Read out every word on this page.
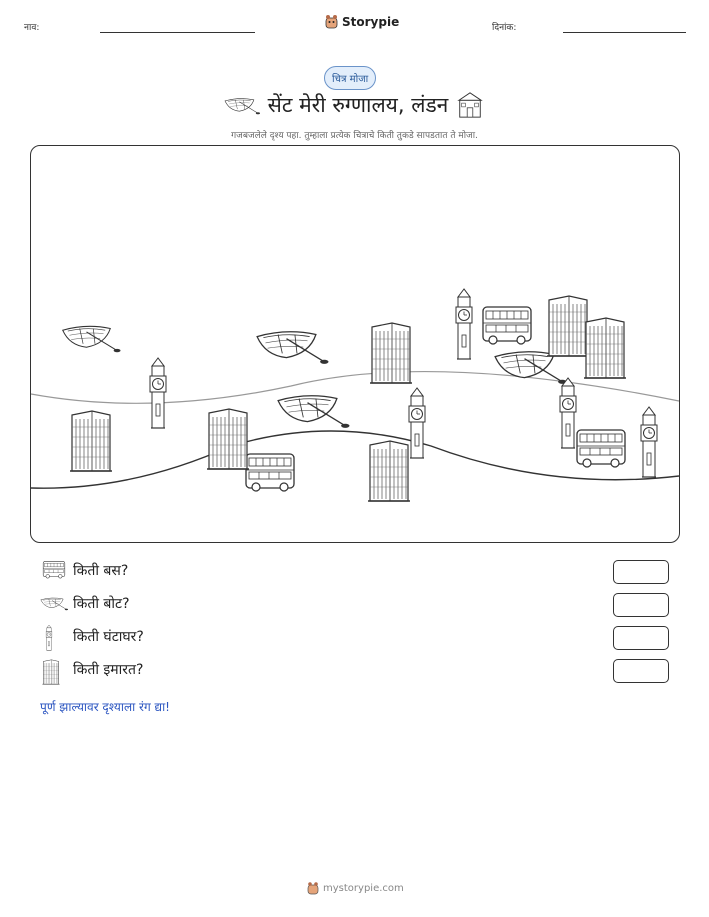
नाव:	Storypie	दिनांक:
चित्र मोजा
सेंट मेरी रुग्णालय, लंडन
गजबजलेले दृश्य पहा. तुम्हाला प्रत्येक चित्राचे किती तुकडे सापडतात ते मोजा.
किती बस?
किती बोट?
किती घंटाघर?
किती इमारत?
पूर्ण झाल्यावर दृश्याला रंग द्या!
mystorypie.com
